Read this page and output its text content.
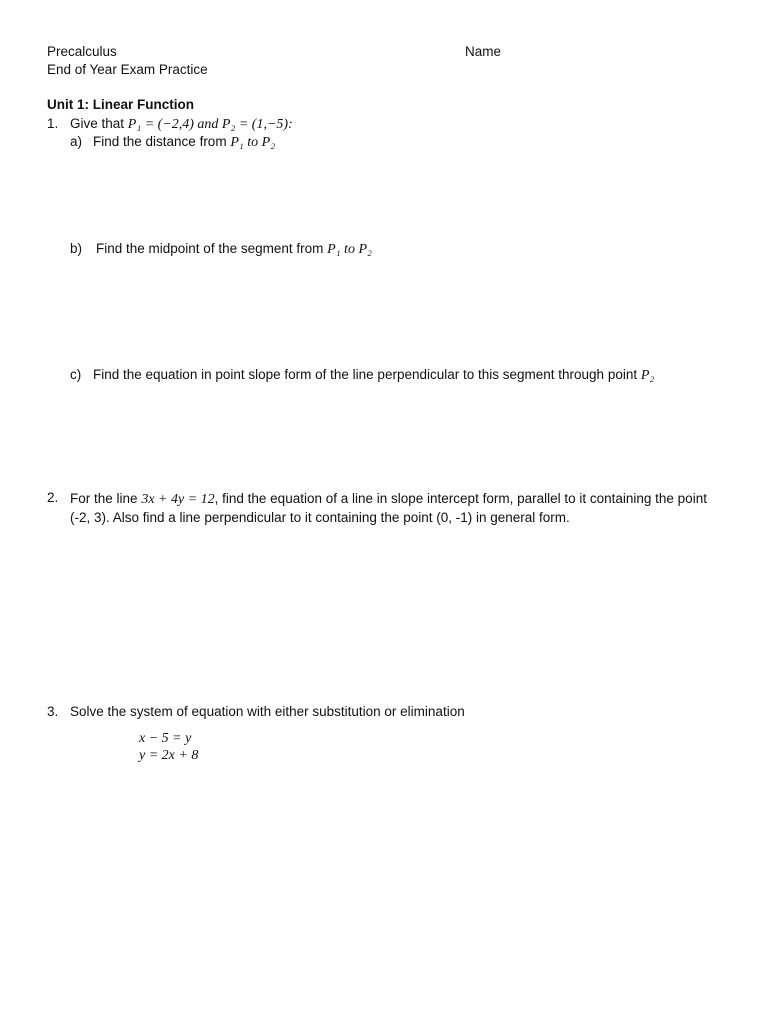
Precalculus	Name
End of Year Exam Practice
Unit 1: Linear Function
1. Give that P₁ = (−2,4) and P₂ = (1,−5):
a) Find the distance from P₁ to P₂
b) Find the midpoint of the segment from P₁ to P₂
c) Find the equation in point slope form of the line perpendicular to this segment through point P₂
2. For the line 3x + 4y = 12, find the equation of a line in slope intercept form, parallel to it containing the point (-2, 3). Also find a line perpendicular to it containing the point (0, -1) in general form.
3. Solve the system of equation with either substitution or elimination
x − 5 = y
y = 2x + 8
